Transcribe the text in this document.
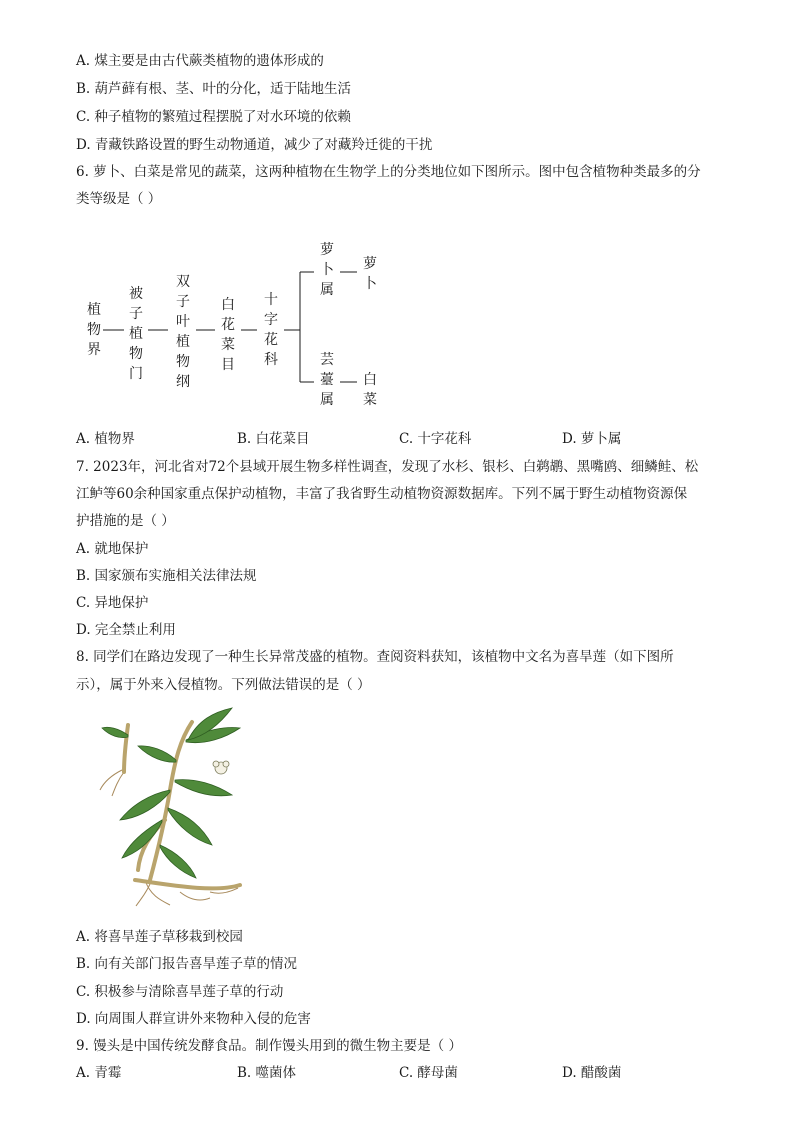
A. 煤主要是由古代蕨类植物的遗体形成的
B. 葫芦藓有根、茎、叶的分化，适于陆地生活
C. 种子植物的繁殖过程摆脱了对水环境的依赖
D. 青藏铁路设置的野生动物通道，减少了对藏羚迁徙的干扰
6. 萝卜、白菜是常见的蔬菜，这两种植物在生物学上的分类地位如下图所示。图中包含植物种类最多的分
类等级是（ ）
植物界
被子植物门
双子叶植物纲
白花菜目
十字花科
萝卜属
萝卜
芸薹属
白菜
A. 植物界	B. 白花菜目	C. 十字花科	D. 萝卜属
7. 2023年，河北省对72个县域开展生物多样性调查，发现了水杉、银杉、白鹈鹕、黑嘴鸥、细鳞鲑、松
江鲈等60余种国家重点保护动植物，丰富了我省野生动植物资源数据库。下列不属于野生动植物资源保
护措施的是（ ）
A. 就地保护
B. 国家颁布实施相关法律法规
C. 异地保护
D. 完全禁止利用
8. 同学们在路边发现了一种生长异常茂盛的植物。查阅资料获知，该植物中文名为喜旱莲（如下图所
示），属于外来入侵植物。下列做法错误的是（ ）
A. 将喜旱莲子草移栽到校园
B. 向有关部门报告喜旱莲子草的情况
C. 积极参与清除喜旱莲子草的行动
D. 向周围人群宣讲外来物种入侵的危害
9. 馒头是中国传统发酵食品。制作馒头用到的微生物主要是（ ）
A. 青霉	B. 噬菌体	C. 酵母菌	D. 醋酸菌
